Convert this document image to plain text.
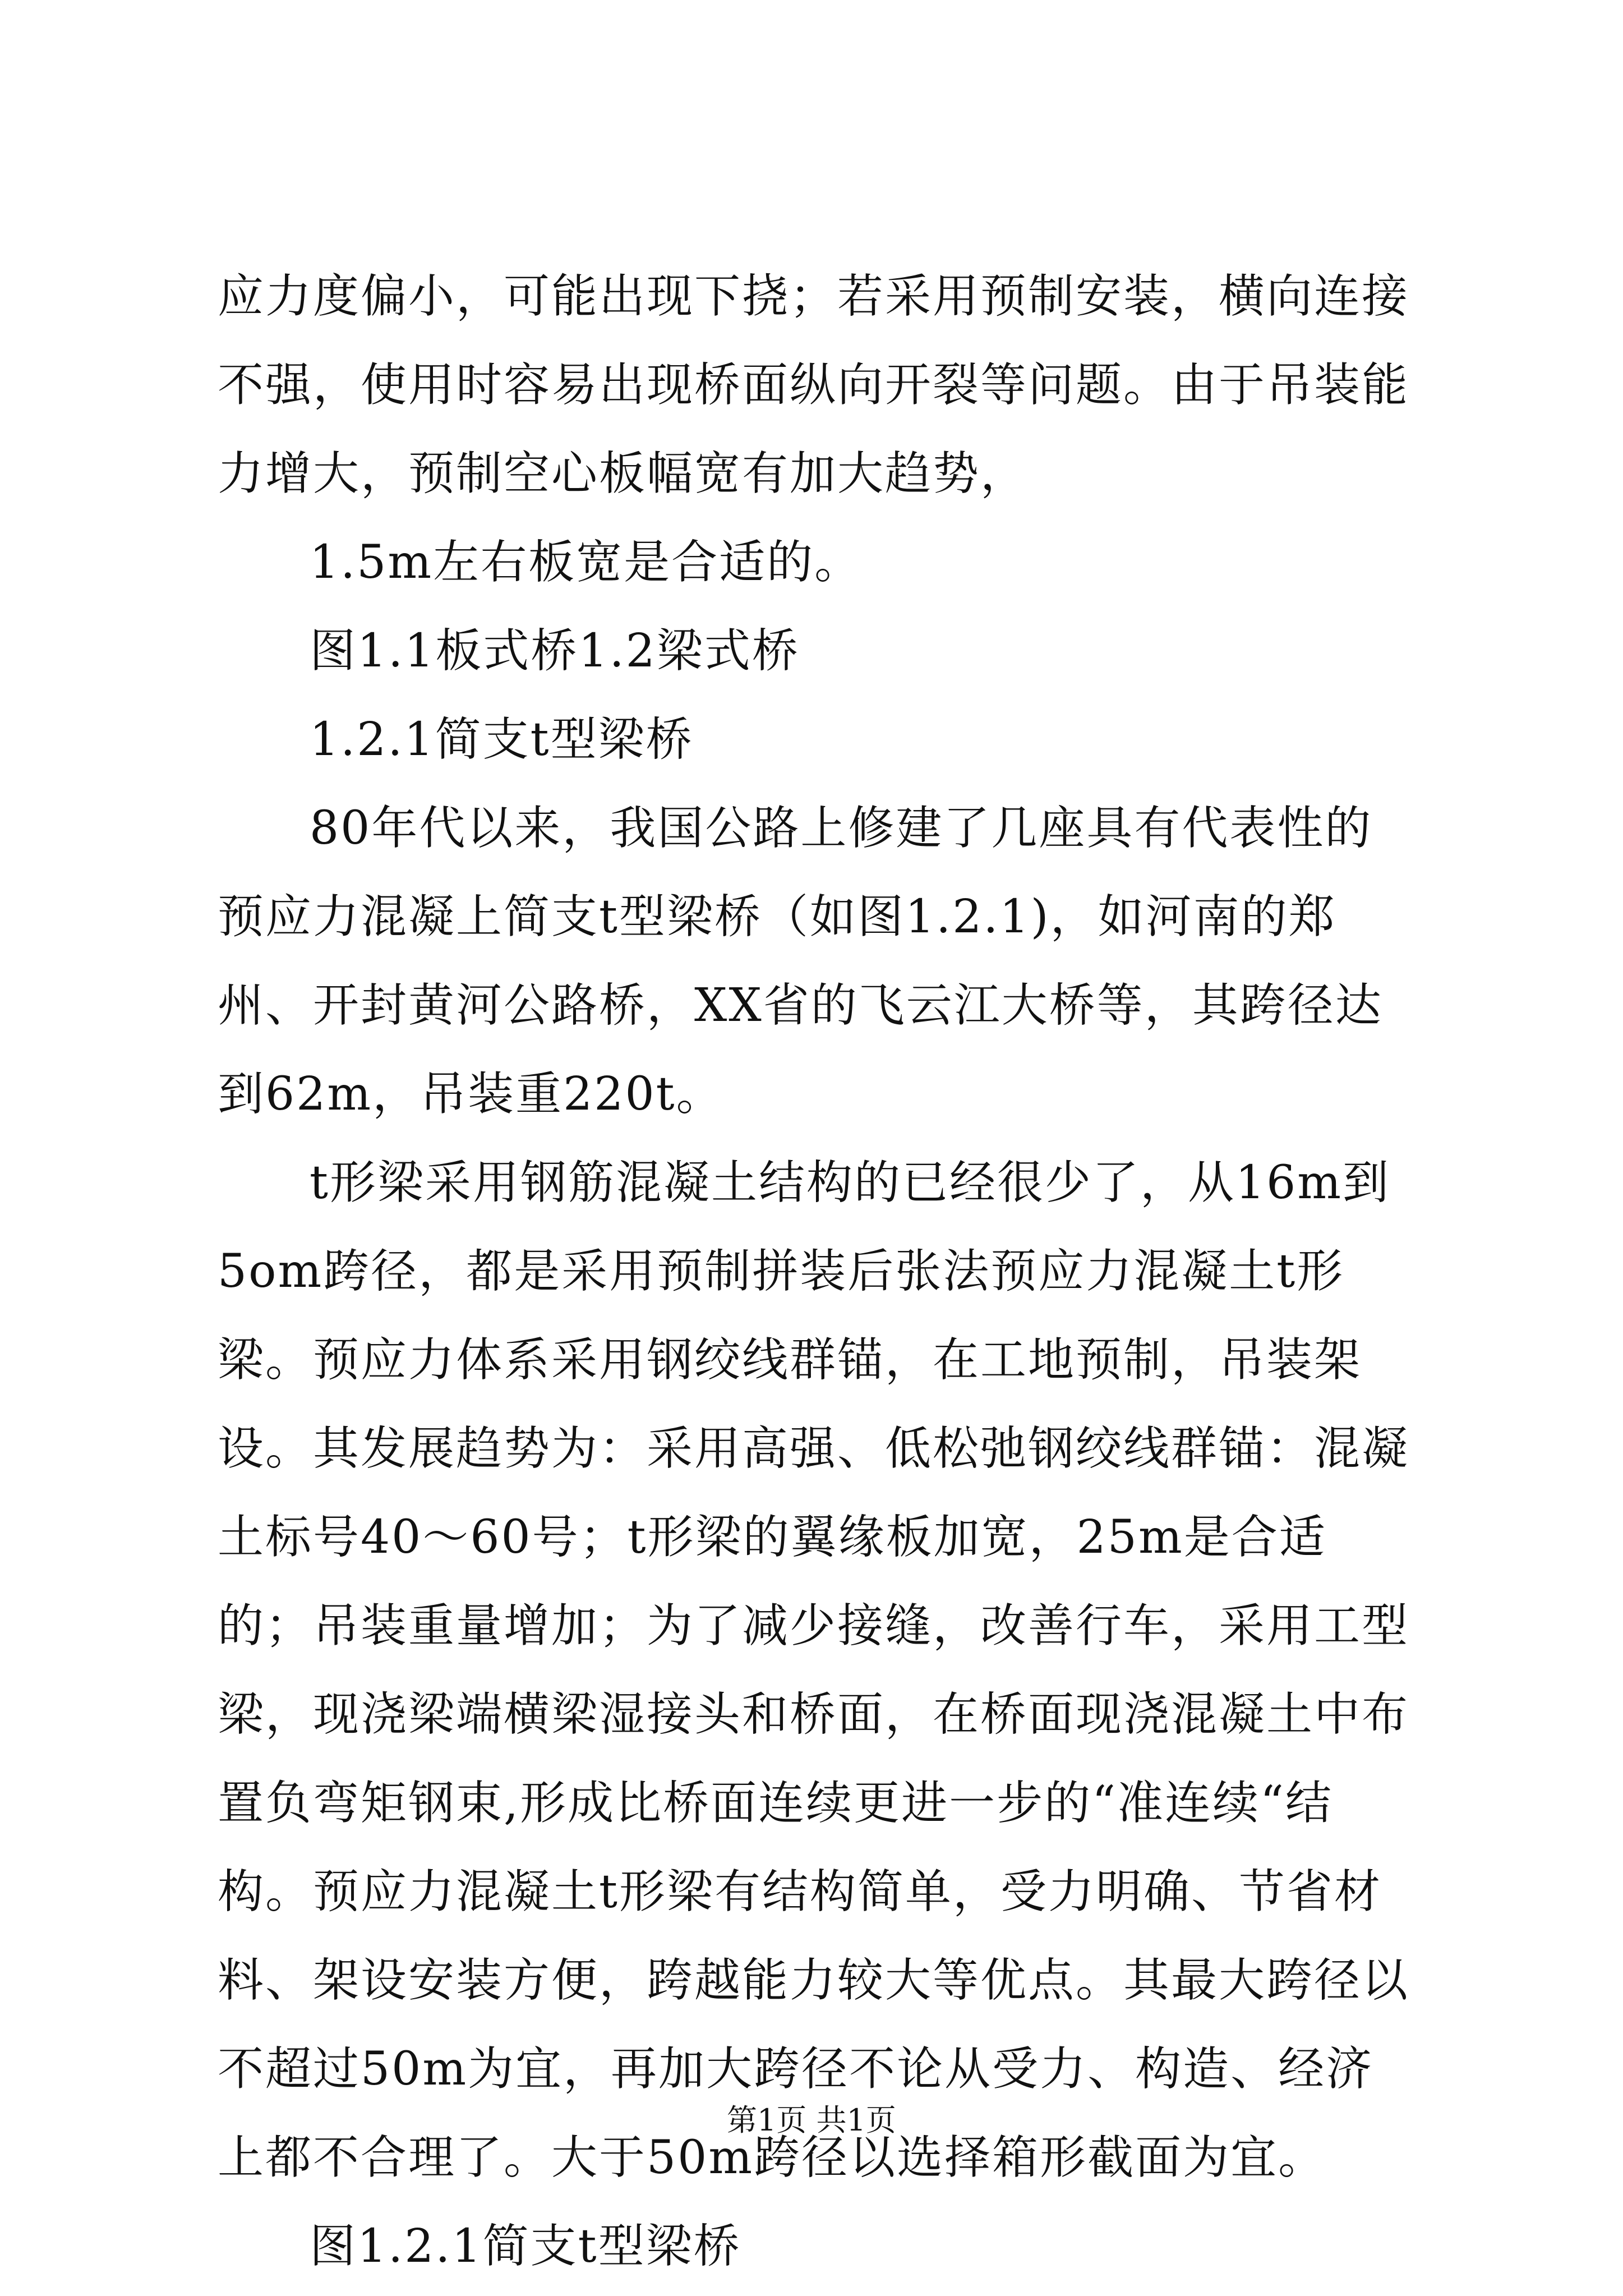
应力度偏小，可能出现下挠；若采用预制安装，横向连接不强，使用时容易出现桥面纵向开裂等问题。由于吊装能力增大，预制空心板幅宽有加大趋势，

1.5m左右板宽是合适的。

图1.1板式桥1.2梁式桥

1.2.1简支t型梁桥

80年代以来，我国公路上修建了几座具有代表性的预应力混凝上简支t型梁桥（如图1.2.1)，如河南的郑州、开封黄河公路桥，XX省的飞云江大桥等，其跨径达到62m，吊装重220t。

t形梁采用钢筋混凝土结构的已经很少了，从16m到5om跨径，都是采用预制拼装后张法预应力混凝土t形梁。预应力体系采用钢绞线群锚，在工地预制，吊装架设。其发展趋势为：采用高强、低松弛钢绞线群锚：混凝土标号40～60号；t形梁的翼缘板加宽，25m是合适的；吊装重量增加；为了减少接缝，改善行车，采用工型梁，现浇梁端横梁湿接头和桥面，在桥面现浇混凝土中布置负弯矩钢束,形成比桥面连续更进一步的“准连续“结构。预应力混凝土t形梁有结构简单，受力明确、节省材料、架设安装方便，跨越能力较大等优点。其最大跨径以不超过50m为宜，再加大跨径不论从受力、构造、经济上都不合理了。大于50m跨径以选择箱形截面为宜。

图1.2.1简支t型梁桥

第1页 共1页
